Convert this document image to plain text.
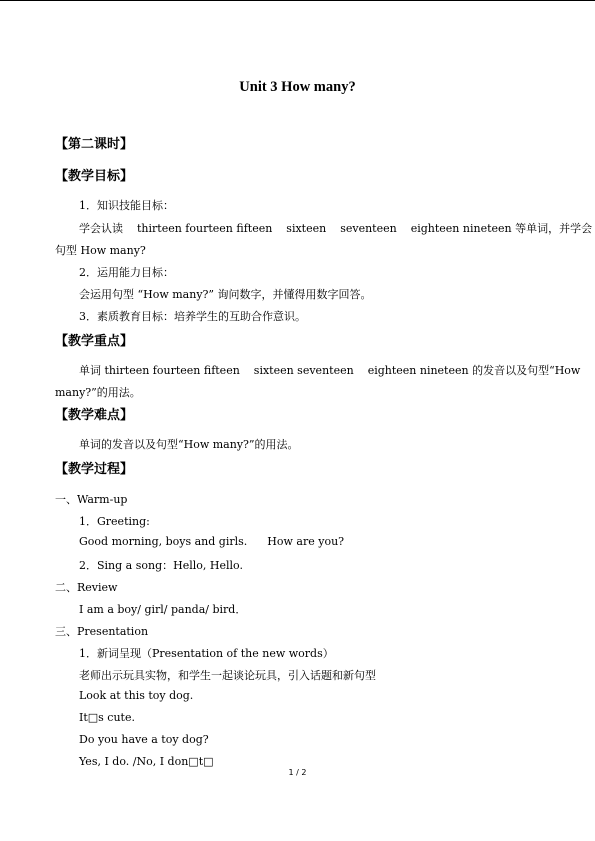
Unit 3 How many?
【第二课时】
【教学目标】
1．知识技能目标：
学会认读 thirteen fourteen fifteen sixteen seventeen eighteen nineteen 等单词，并学会
句型 How many?
2．运用能力目标：
会运用句型 “How many?” 询问数字，并懂得用数字回答。
3．素质教育目标：培养学生的互助合作意识。
【教学重点】
单词 thirteen fourteen fifteen sixteen seventeen eighteen nineteen 的发音以及句型“How
many?”的用法。
【教学难点】
单词的发音以及句型“How many?”的用法。
【教学过程】
一、Warm-up
1．Greeting:
Good morning, boys and girls. How are you?
2．Sing a song：Hello, Hello.
二、Review
I am a boy/ girl/ panda/ bird．
三、Presentation
1．新词呈现（Presentation of the new words）
老师出示玩具实物，和学生一起谈论玩具，引入话题和新句型
Look at this toy dog.
It□s cute.
Do you have a toy dog?
Yes, I do. /No, I don□t□
1 / 2
